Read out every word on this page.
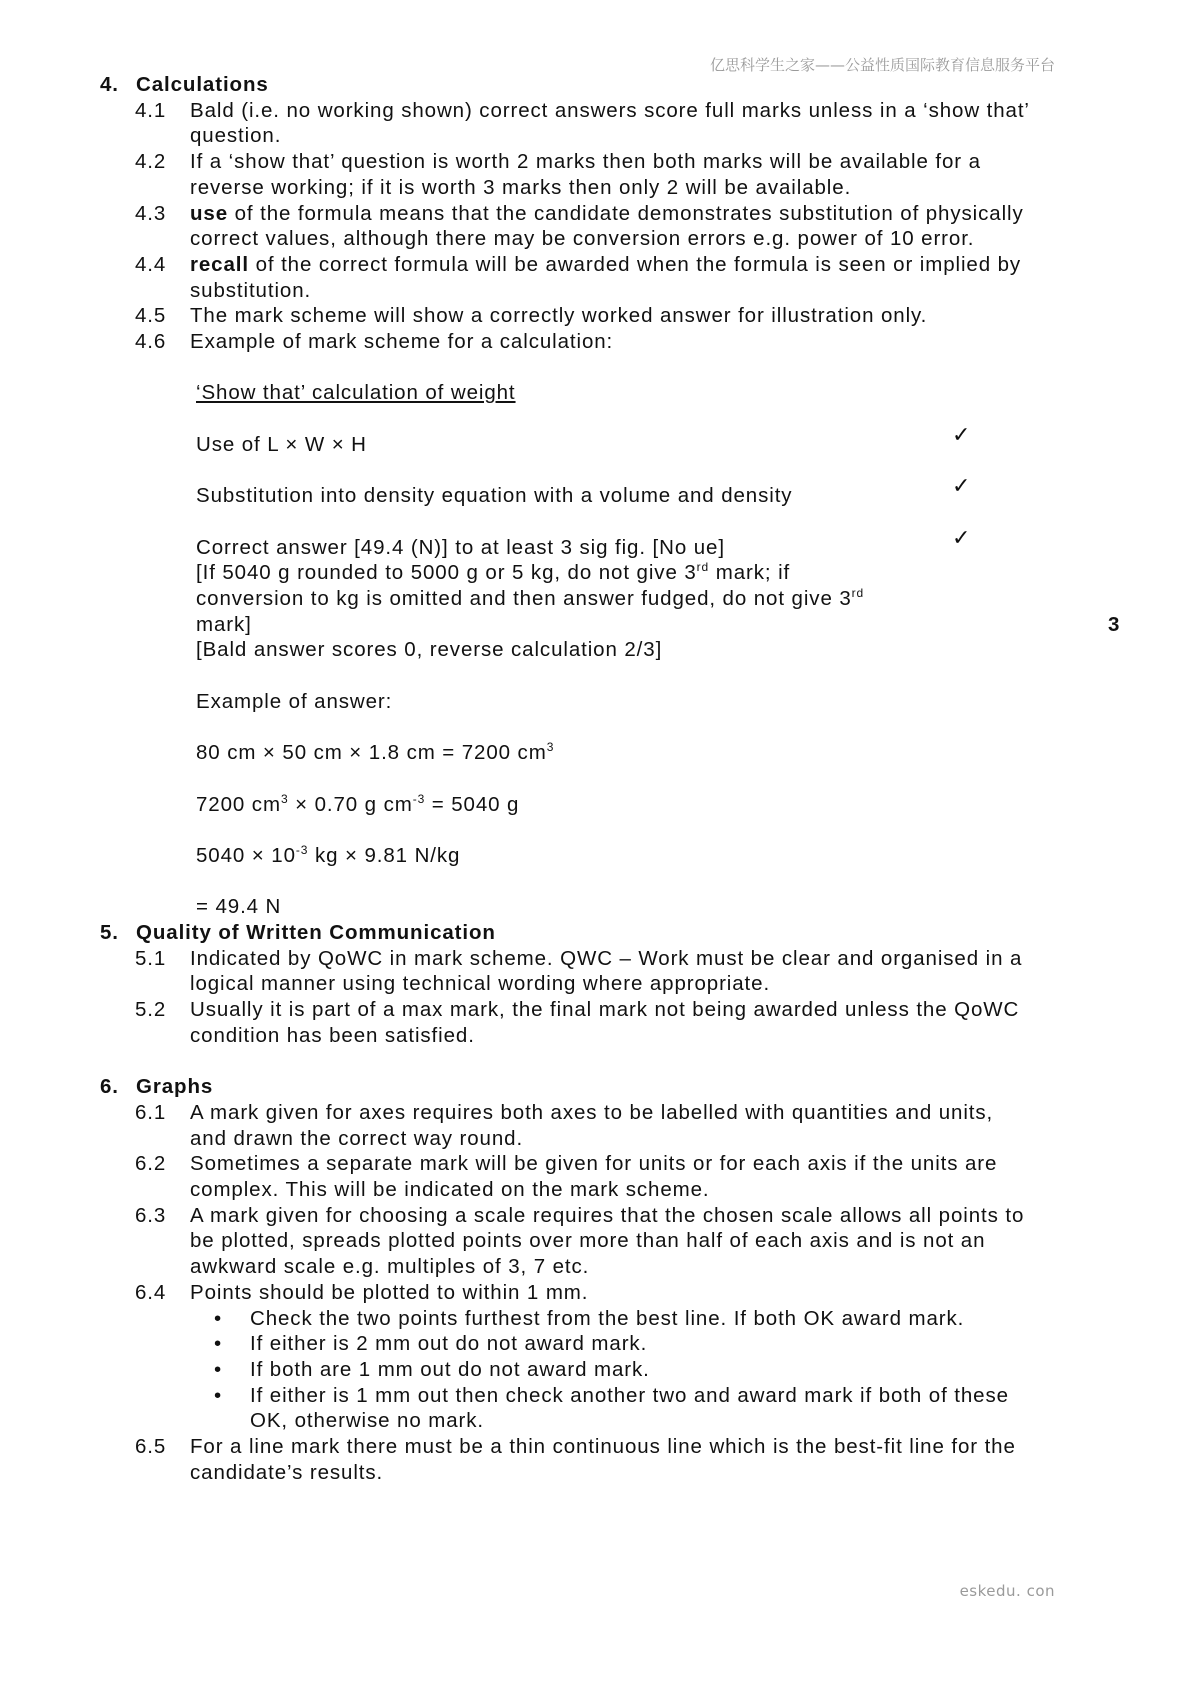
亿思科学生之家——公益性质国际教育信息服务平台
4. Calculations
4.1	Bald (i.e. no working shown) correct answers score full marks unless in a ‘show that’ question.
4.2	If a ‘show that’ question is worth 2 marks then both marks will be available for a reverse working; if it is worth 3 marks then only 2 will be available.
4.3	use of the formula means that the candidate demonstrates substitution of physically correct values, although there may be conversion errors e.g. power of 10 error.
4.4	recall of the correct formula will be awarded when the formula is seen or implied by substitution.
4.5	The mark scheme will show a correctly worked answer for illustration only.
4.6	Example of mark scheme for a calculation:
‘Show that’ calculation of weight
Use of L × W × H	✓
Substitution into density equation with a volume and density	✓
Correct answer [49.4 (N)] to at least 3 sig fig. [No ue]	✓
[If 5040 g rounded to 5000 g or 5 kg, do not give 3rd mark; if
conversion to kg is omitted and then answer fudged, do not give 3rd
mark]	3
[Bald answer scores 0, reverse calculation 2/3]
Example of answer:
80 cm × 50 cm × 1.8 cm = 7200 $cm^3$
7200 $cm^3 \times 0.70$ g $cm^{-3} = 5040$ g
$5040 \times 10^{-3}$ kg × 9.81 N/kg
= 49.4 N
5. Quality of Written Communication
5.1	Indicated by QoWC in mark scheme. QWC – Work must be clear and organised in a logical manner using technical wording where appropriate.
5.2	Usually it is part of a max mark, the final mark not being awarded unless the QoWC condition has been satisfied.
6. Graphs
6.1	A mark given for axes requires both axes to be labelled with quantities and units, and drawn the correct way round.
6.2	Sometimes a separate mark will be given for units or for each axis if the units are complex. This will be indicated on the mark scheme.
6.3	A mark given for choosing a scale requires that the chosen scale allows all points to be plotted, spreads plotted points over more than half of each axis and is not an awkward scale e.g. multiples of 3, 7 etc.
6.4	Points should be plotted to within 1 mm.
• Check the two points furthest from the best line. If both OK award mark.
• If either is 2 mm out do not award mark.
• If both are 1 mm out do not award mark.
• If either is 1 mm out then check another two and award mark if both of these OK, otherwise no mark.
6.5	For a line mark there must be a thin continuous line which is the best-fit line for the candidate’s results.
eskedu. con
